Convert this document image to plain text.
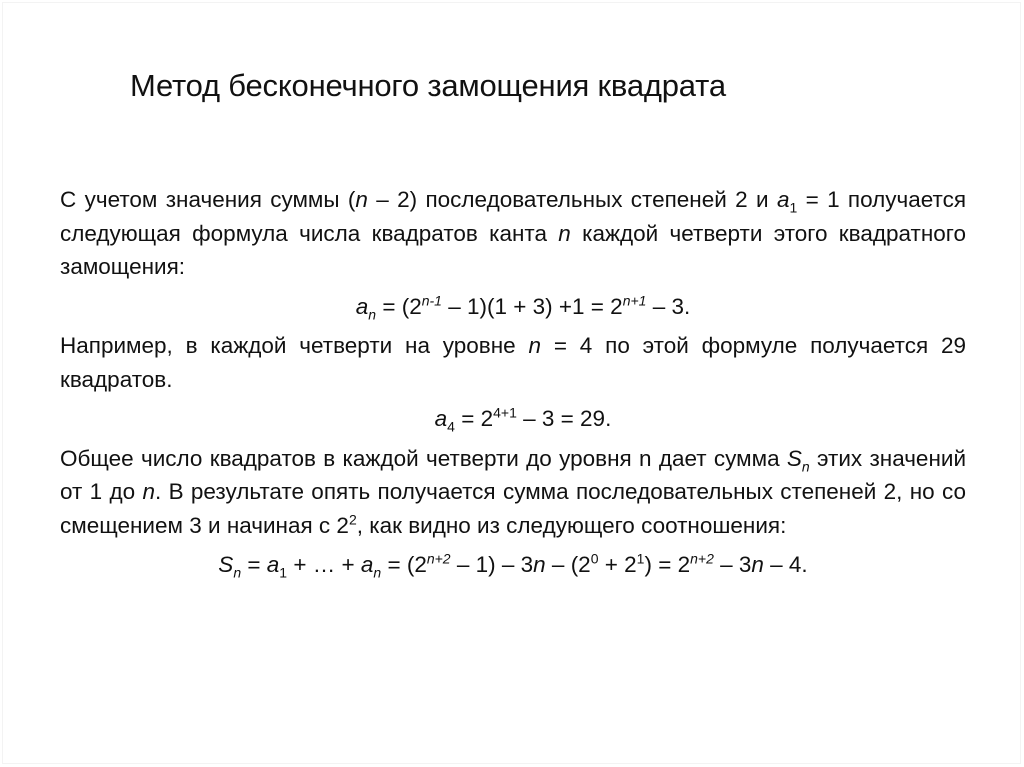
Метод бесконечного замощения квадрата

С учетом значения суммы (n – 2) последовательных степеней 2 и $a_1 = 1$ получается следующая формула числа квадратов канта n каждой четверти этого квадратного замощения:

$a_n = (2^{n-1} - 1)(1 + 3) +1 = 2^{n+1} - 3$.

Например, в каждой четверти на уровне n = 4 по этой формуле получается 29 квадратов.

$a_4 = 2^{4+1} - 3 = 29$.

Общее число квадратов в каждой четверти до уровня n дает сумма $S_n$ этих значений от 1 до n. В результате опять получается сумма последовательных степеней 2, но со смещением 3 и начиная с $2^2$, как видно из следующего соотношения:

$S_n = a_1$ + … + $a_n = (2^{n+2} - 1) - 3n - (2^0 + 2^1) = 2^{n+2} - 3n - 4$.
